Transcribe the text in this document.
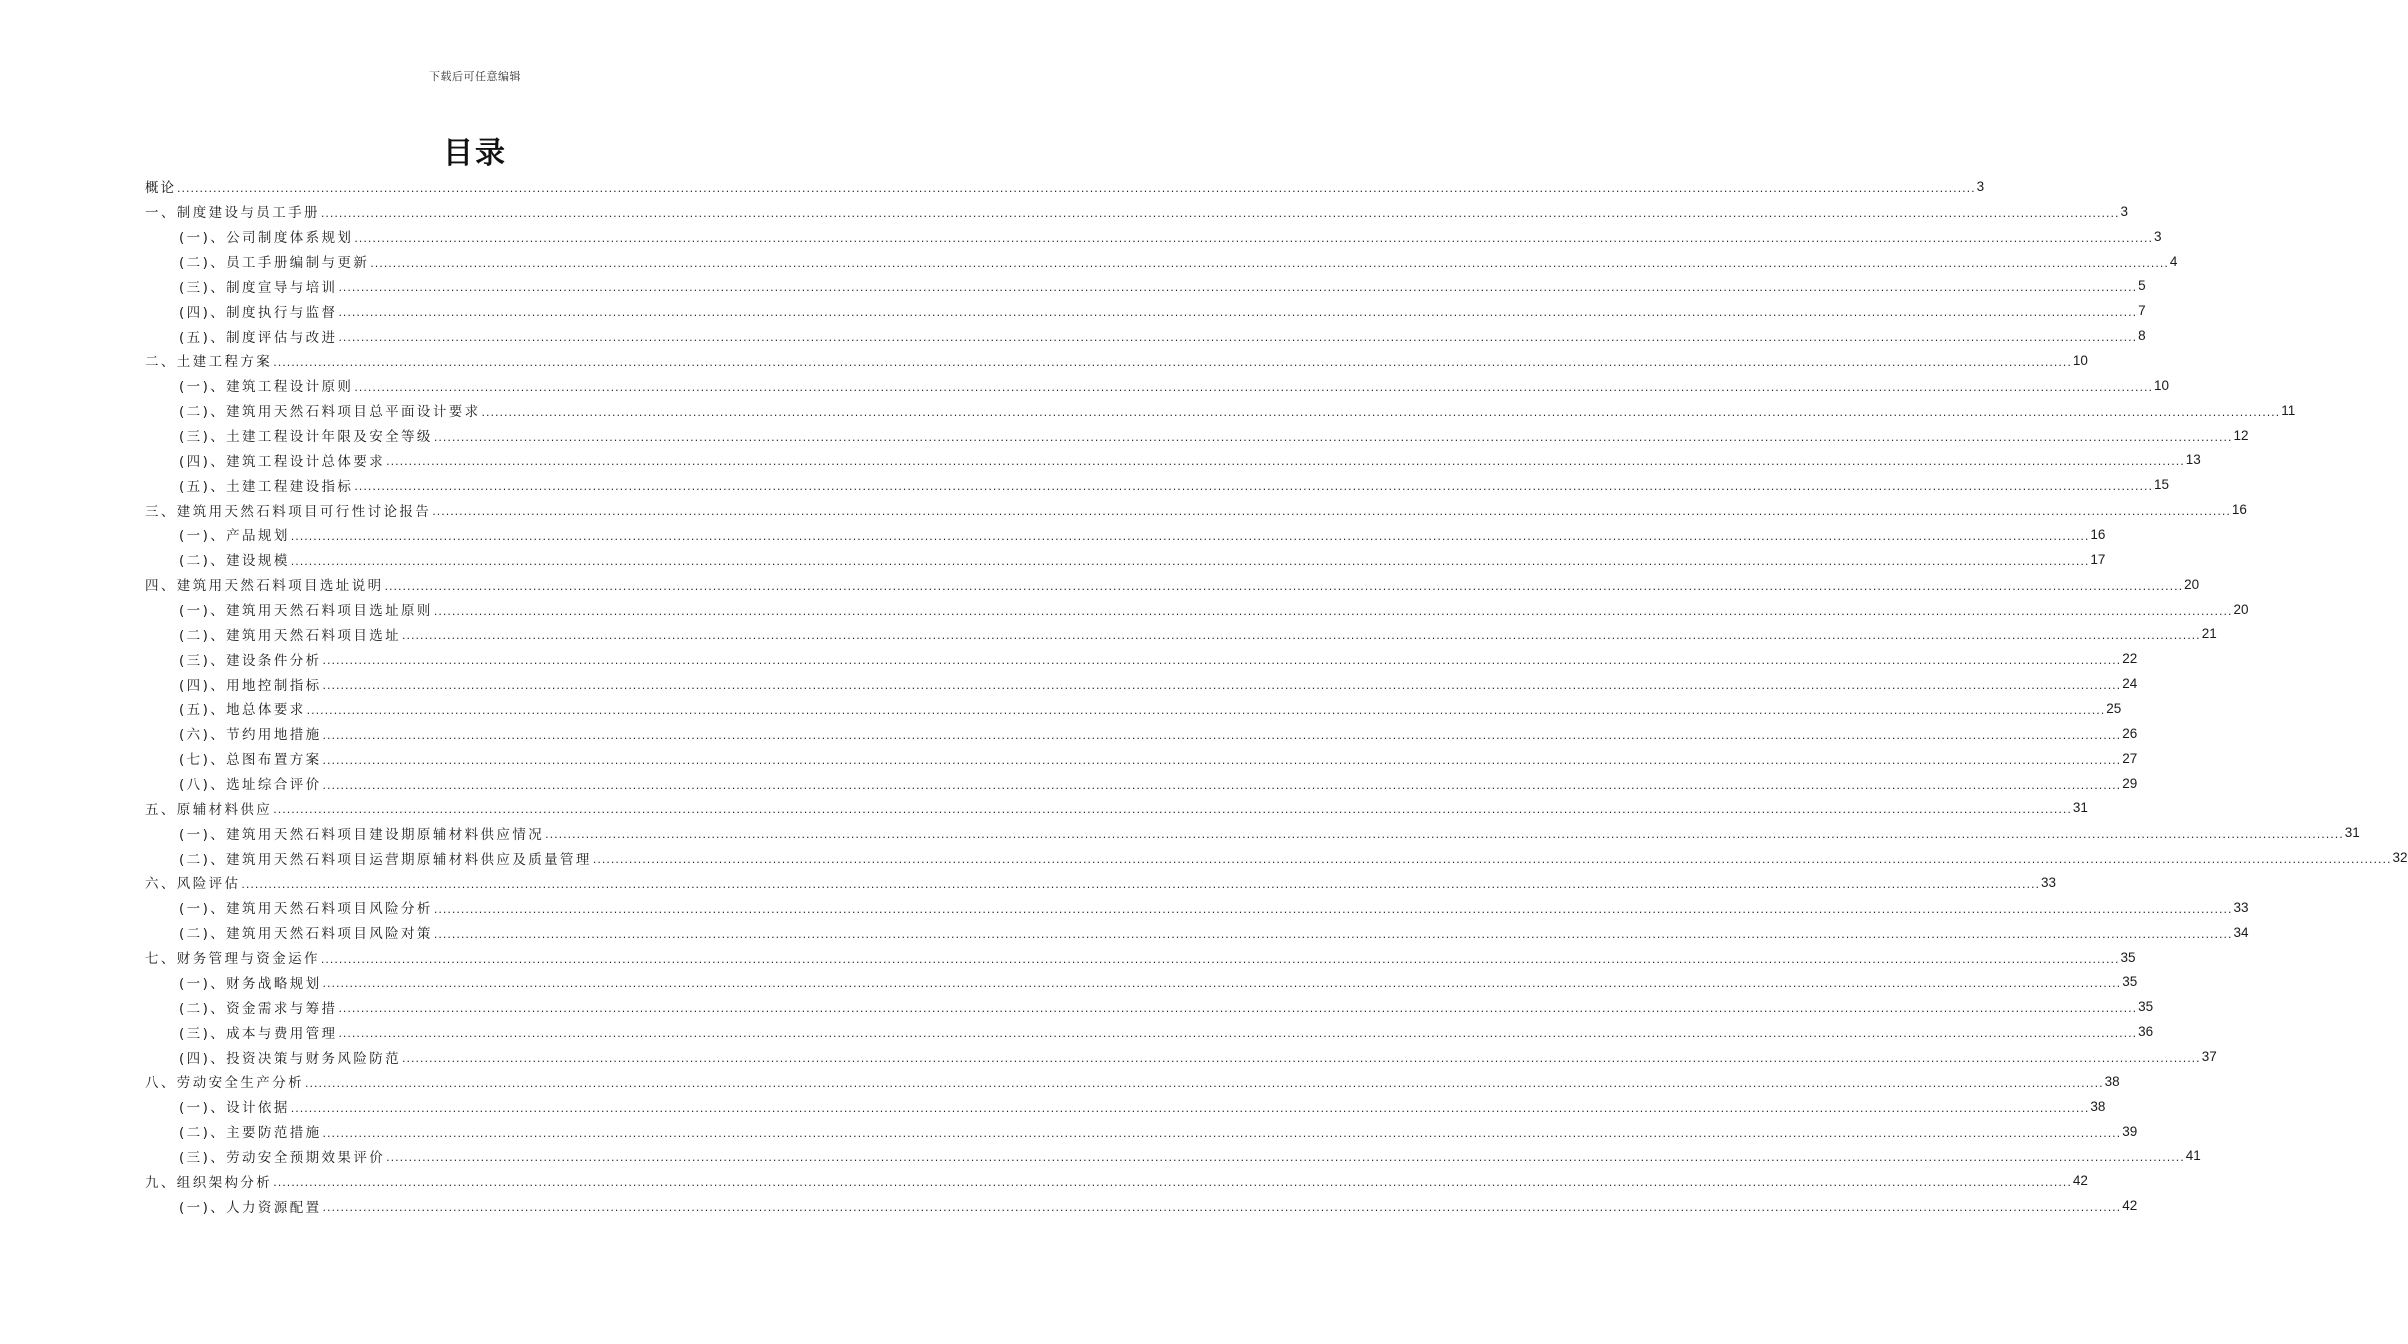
下载后可任意编辑
目录
概论 ................................................................................................................................................................................................................................................................................................................................................................................................................ 3
一、制度建设与员工手册 ................................................................................................................................................................................................................................................................................................................................................................................................................ 3
(一)、公司制度体系规划 ................................................................................................................................................................................................................................................................................................................................................................................................................ 3
(二)、员工手册编制与更新 ................................................................................................................................................................................................................................................................................................................................................................................................................ 4
(三)、制度宣导与培训 ................................................................................................................................................................................................................................................................................................................................................................................................................ 5
(四)、制度执行与监督 ................................................................................................................................................................................................................................................................................................................................................................................................................ 7
(五)、制度评估与改进 ................................................................................................................................................................................................................................................................................................................................................................................................................ 8
二、土建工程方案 ................................................................................................................................................................................................................................................................................................................................................................................................................ 10
(一)、建筑工程设计原则 ................................................................................................................................................................................................................................................................................................................................................................................................................ 10
(二)、建筑用天然石料项目总平面设计要求 ................................................................................................................................................................................................................................................................................................................................................................................................................ 11
(三)、土建工程设计年限及安全等级 ................................................................................................................................................................................................................................................................................................................................................................................................................ 12
(四)、建筑工程设计总体要求 ................................................................................................................................................................................................................................................................................................................................................................................................................ 13
(五)、土建工程建设指标 ................................................................................................................................................................................................................................................................................................................................................................................................................ 15
三、建筑用天然石料项目可行性讨论报告 ................................................................................................................................................................................................................................................................................................................................................................................................................ 16
(一)、产品规划 ................................................................................................................................................................................................................................................................................................................................................................................................................ 16
(二)、建设规模 ................................................................................................................................................................................................................................................................................................................................................................................................................ 17
四、建筑用天然石料项目选址说明 ................................................................................................................................................................................................................................................................................................................................................................................................................ 20
(一)、建筑用天然石料项目选址原则 ................................................................................................................................................................................................................................................................................................................................................................................................................ 20
(二)、建筑用天然石料项目选址 ................................................................................................................................................................................................................................................................................................................................................................................................................ 21
(三)、建设条件分析 ................................................................................................................................................................................................................................................................................................................................................................................................................ 22
(四)、用地控制指标 ................................................................................................................................................................................................................................................................................................................................................................................................................ 24
(五)、地总体要求 ................................................................................................................................................................................................................................................................................................................................................................................................................ 25
(六)、节约用地措施 ................................................................................................................................................................................................................................................................................................................................................................................................................ 26
(七)、总图布置方案 ................................................................................................................................................................................................................................................................................................................................................................................................................ 27
(八)、选址综合评价 ................................................................................................................................................................................................................................................................................................................................................................................................................ 29
五、原辅材料供应 ................................................................................................................................................................................................................................................................................................................................................................................................................ 31
(一)、建筑用天然石料项目建设期原辅材料供应情况 ................................................................................................................................................................................................................................................................................................................................................................................................................ 31
(二)、建筑用天然石料项目运营期原辅材料供应及质量管理 ................................................................................................................................................................................................................................................................................................................................................................................................................ 32
六、风险评估 ................................................................................................................................................................................................................................................................................................................................................................................................................ 33
(一)、建筑用天然石料项目风险分析 ................................................................................................................................................................................................................................................................................................................................................................................................................ 33
(二)、建筑用天然石料项目风险对策 ................................................................................................................................................................................................................................................................................................................................................................................................................ 34
七、财务管理与资金运作 ................................................................................................................................................................................................................................................................................................................................................................................................................ 35
(一)、财务战略规划 ................................................................................................................................................................................................................................................................................................................................................................................................................ 35
(二)、资金需求与筹措 ................................................................................................................................................................................................................................................................................................................................................................................................................ 35
(三)、成本与费用管理 ................................................................................................................................................................................................................................................................................................................................................................................................................ 36
(四)、投资决策与财务风险防范 ................................................................................................................................................................................................................................................................................................................................................................................................................ 37
八、劳动安全生产分析 ................................................................................................................................................................................................................................................................................................................................................................................................................ 38
(一)、设计依据 ................................................................................................................................................................................................................................................................................................................................................................................................................ 38
(二)、主要防范措施 ................................................................................................................................................................................................................................................................................................................................................................................................................ 39
(三)、劳动安全预期效果评价 ................................................................................................................................................................................................................................................................................................................................................................................................................ 41
九、组织架构分析 ................................................................................................................................................................................................................................................................................................................................................................................................................ 42
(一)、人力资源配置 ................................................................................................................................................................................................................................................................................................................................................................................................................ 42
